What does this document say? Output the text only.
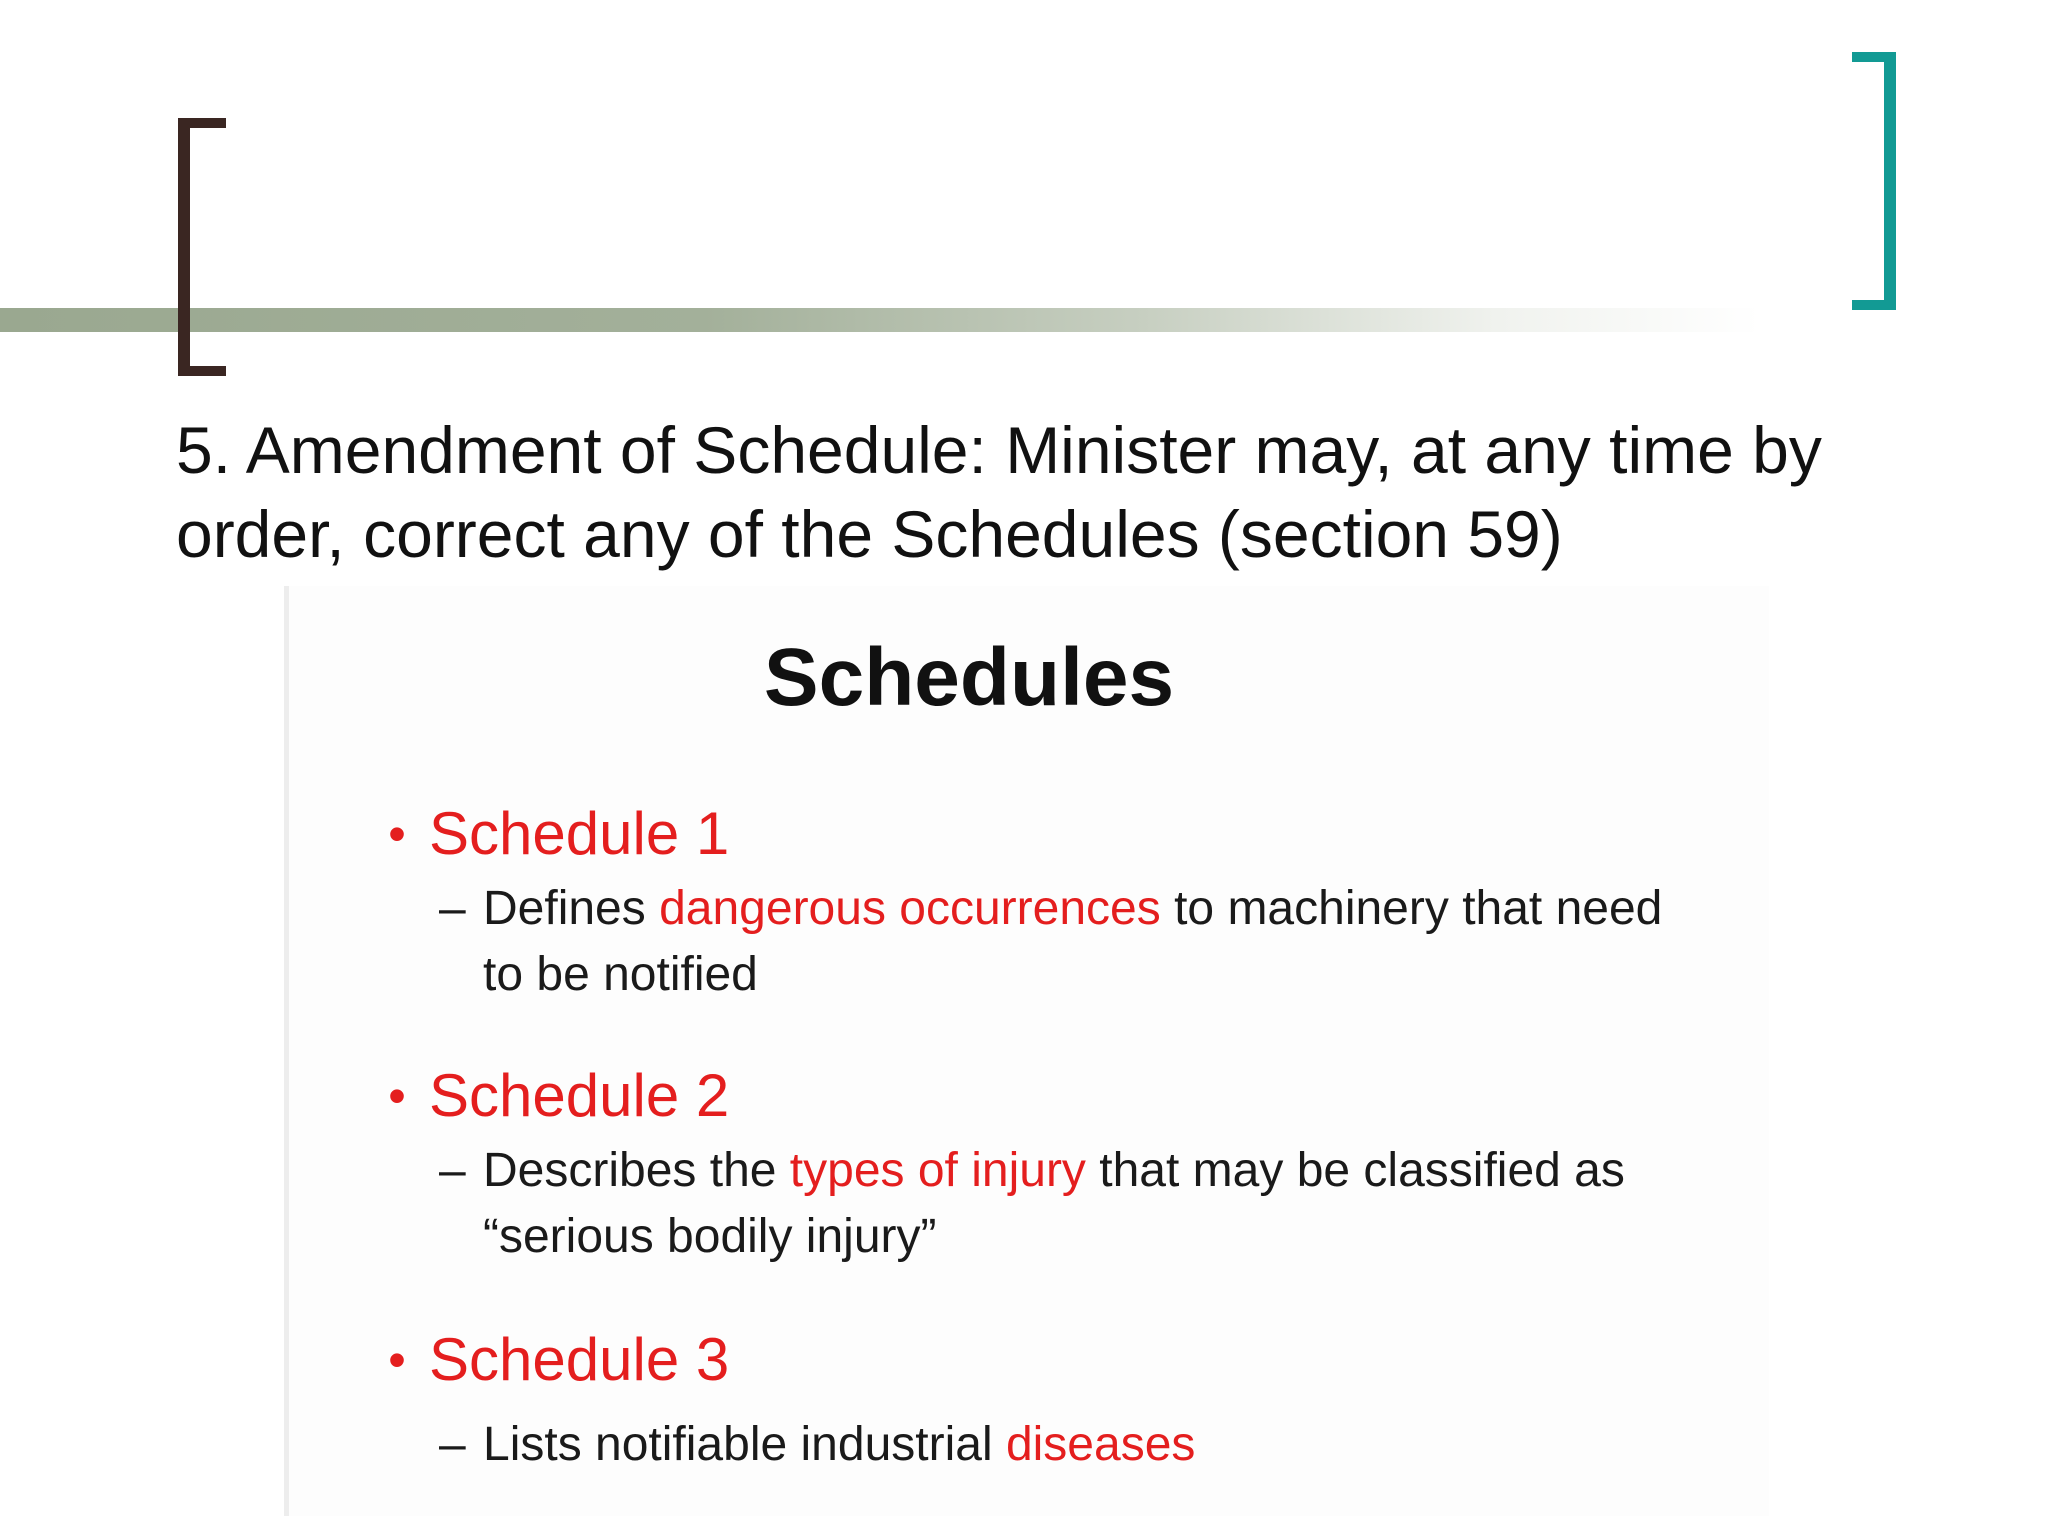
5. Amendment of Schedule: Minister may, at any time by order, correct any of the Schedules (section 59)

Schedules
• Schedule 1
– Defines dangerous occurrences to machinery that need to be notified
• Schedule 2
– Describes the types of injury that may be classified as “serious bodily injury”
• Schedule 3
– Lists notifiable industrial diseases
